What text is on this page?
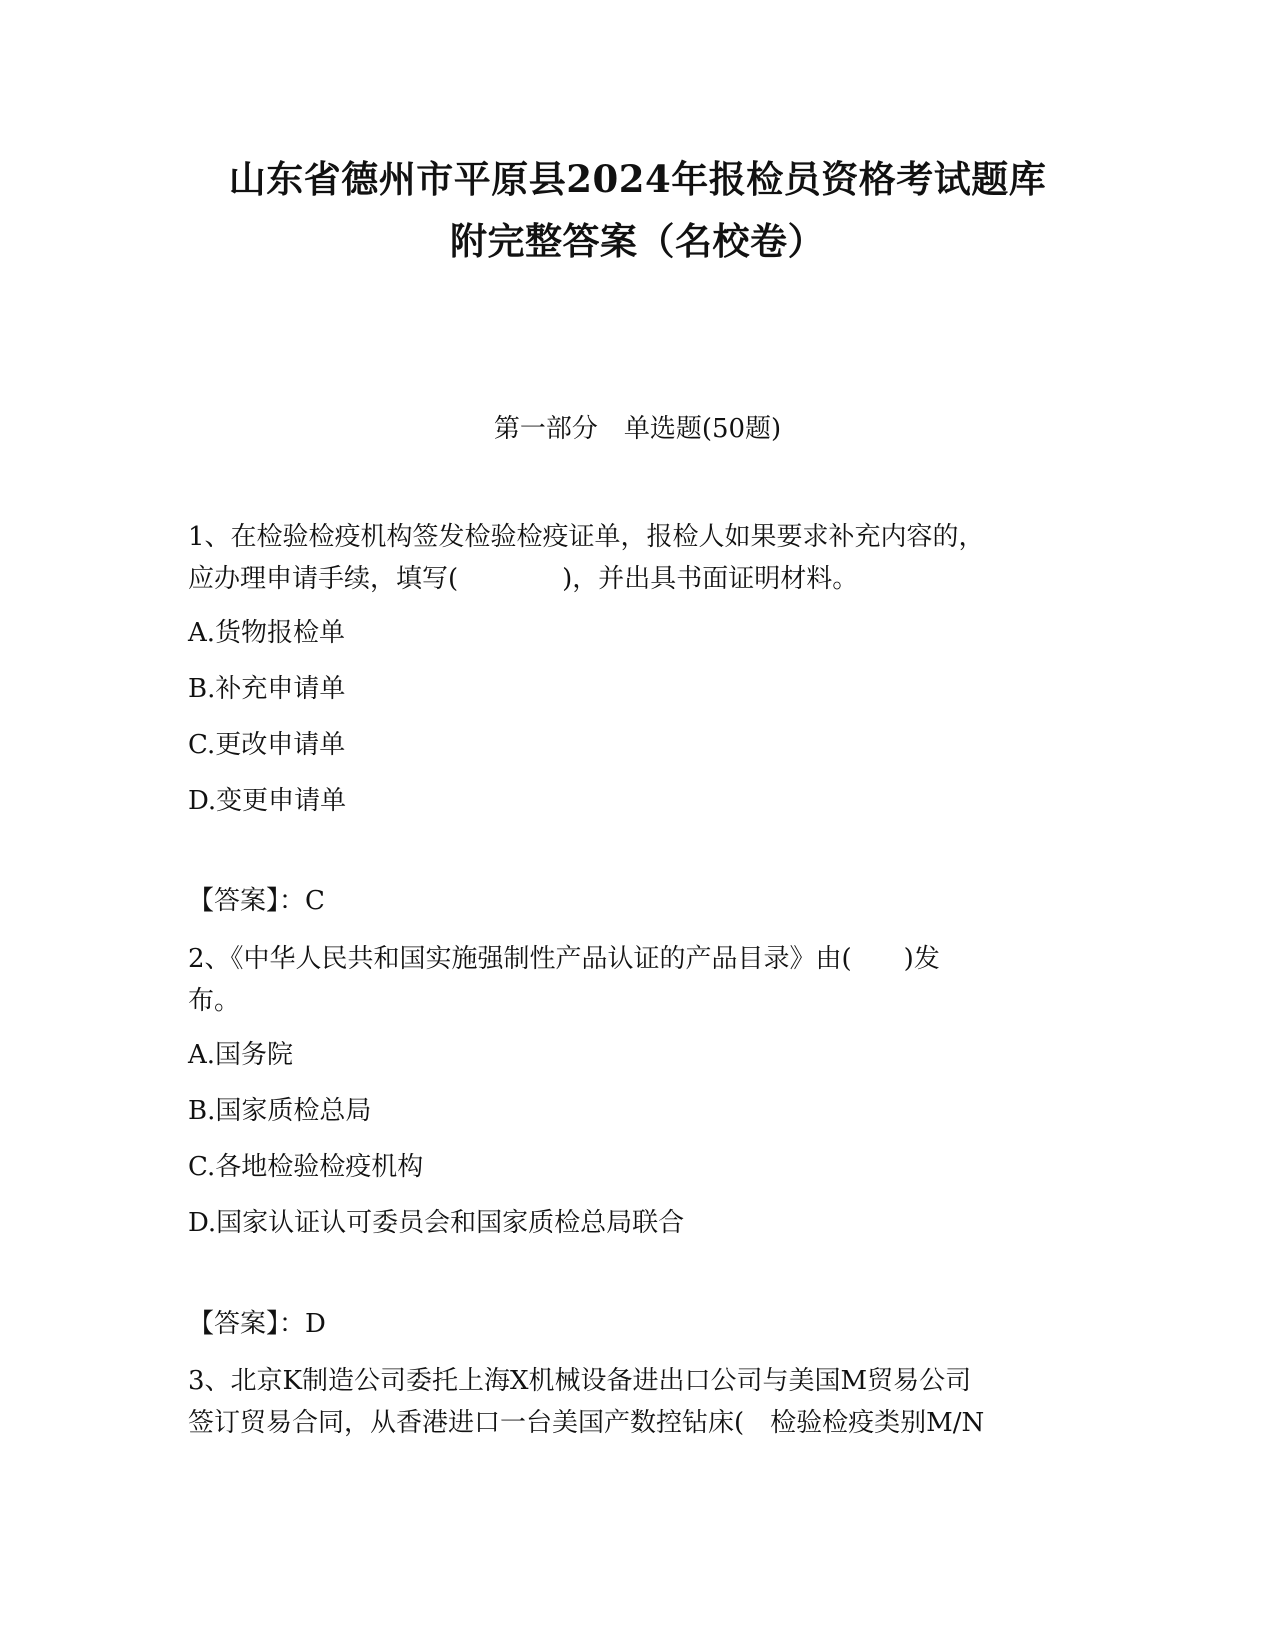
山东省德州市平原县2024年报检员资格考试题库
附完整答案（名校卷）
第一部分　单选题(50题)
1、在检验检疫机构签发检验检疫证单，报检人如果要求补充内容的，
应办理申请手续，填写(　　　　)，并出具书面证明材料。

A.货物报检单

B.补充申请单

C.更改申请单

D.变更申请单

【答案】：C

2、《中华人民共和国实施强制性产品认证的产品目录》由(　　)发
布。

A.国务院

B.国家质检总局

C.各地检验检疫机构

D.国家认证认可委员会和国家质检总局联合

【答案】：D

3、北京K制造公司委托上海X机械设备进出口公司与美国M贸易公司
签订贸易合同，从香港进口一台美国产数控钻床(　检验检疫类别M/N
